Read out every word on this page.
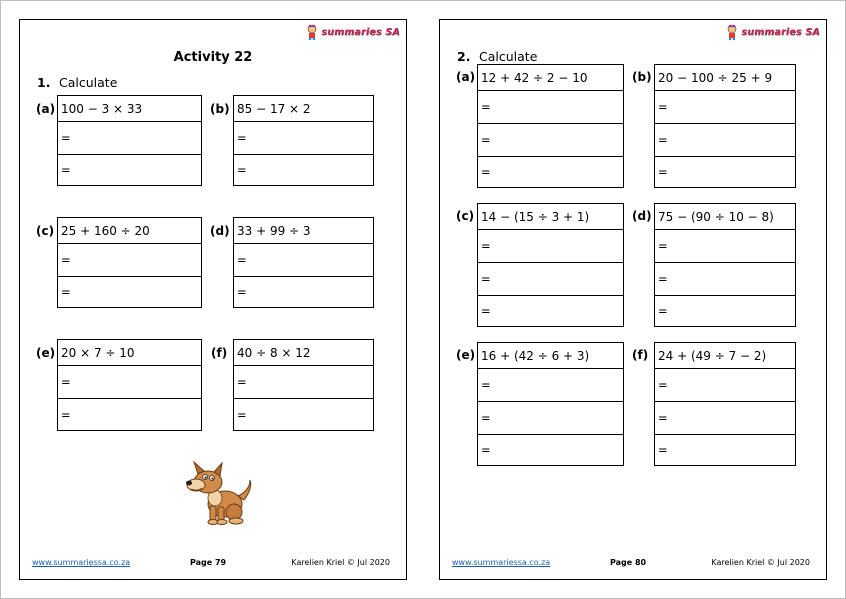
summaries SA
Activity 22
1. Calculate
(a) 100 − 3 × 33
=
=
(b) 85 − 17 × 2
=
=
(c) 25 + 160 ÷ 20
=
=
(d) 33 + 99 ÷ 3
=
=
(e) 20 × 7 ÷ 10
=
=
(f) 40 ÷ 8 × 12
=
=
www.summariessa.co.za	Page 79	Karelien Kriel © Jul 2020
summaries SA
2. Calculate
(a) 12 + 42 ÷ 2 − 10
=
=
=
(b) 20 − 100 ÷ 25 + 9
=
=
=
(c) 14 − (15 ÷ 3 + 1)
=
=
=
(d) 75 − (90 ÷ 10 − 8)
=
=
=
(e) 16 + (42 ÷ 6 + 3)
=
=
=
(f) 24 + (49 ÷ 7 − 2)
=
=
=
www.summariessa.co.za	Page 80	Karelien Kriel © Jul 2020
